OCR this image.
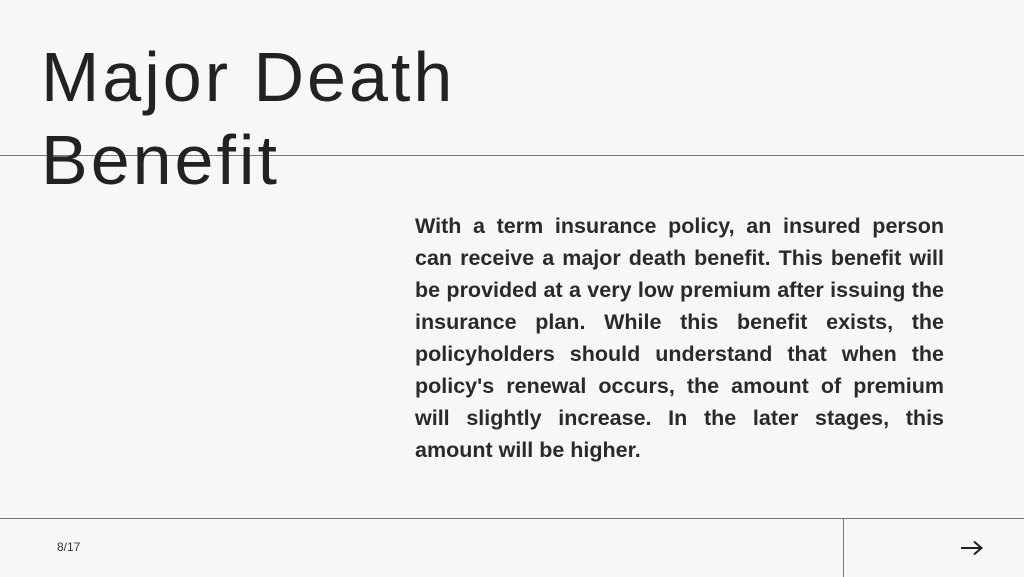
Major Death Benefit

With a term insurance policy, an insured person can receive a major death benefit. This benefit will be provided at a very low premium after issuing the insurance plan. While this benefit exists, the policyholders should understand that when the policy's renewal occurs, the amount of premium will slightly increase. In the later stages, this amount will be higher.

8/17
